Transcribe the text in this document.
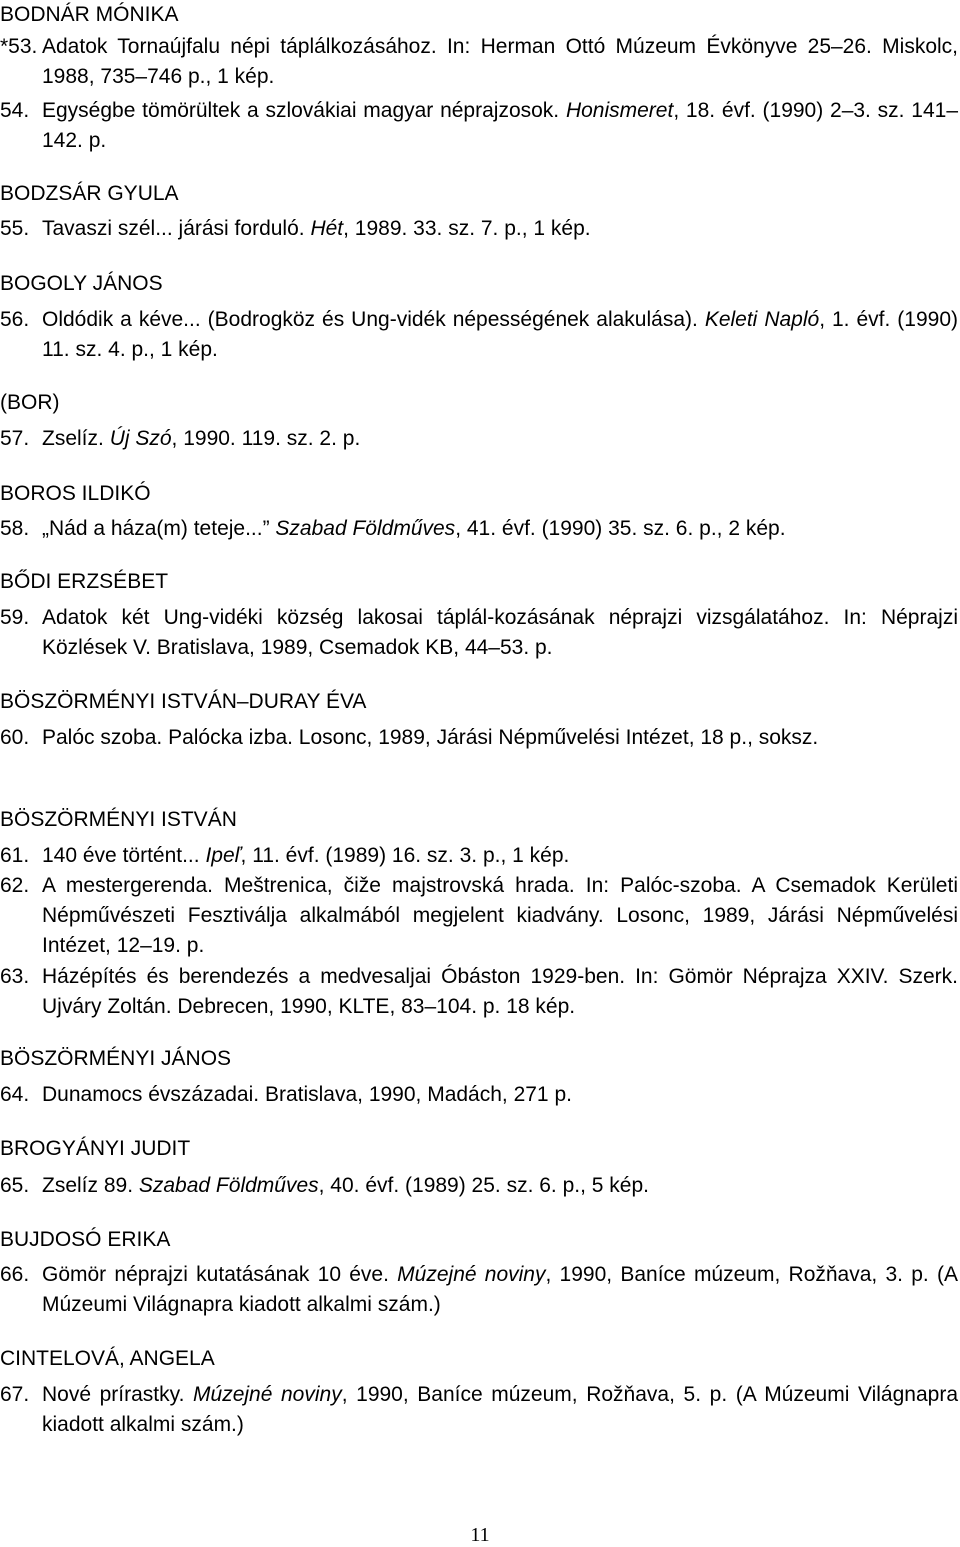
BODNÁR MÓNIKA
*53. Adatok Tornaújfalu népi táplálkozásához. In: Herman Ottó Múzeum Évkönyve 25–26. Miskolc, 1988, 735–746 p., 1 kép.
54. Egységbe tömörültek a szlovákiai magyar néprajzosok. Honismeret, 18. évf. (1990) 2–3. sz. 141–142. p.
BODZSÁR GYULA
55. Tavaszi szél... járási forduló. Hét, 1989. 33. sz. 7. p., 1 kép.
BOGOLY JÁNOS
56. Oldódik a kéve... (Bodrogköz és Ung-vidék népességének alakulása). Keleti Napló, 1. évf. (1990) 11. sz. 4. p., 1 kép.
(BOR)
57. Zselíz. Új Szó, 1990. 119. sz. 2. p.
BOROS ILDIKÓ
58. „Nád a háza(m) teteje...” Szabad Földműves, 41. évf. (1990) 35. sz. 6. p., 2 kép.
BŐDI ERZSÉBET
59. Adatok két Ung-vidéki község lakosai táplál-kozásának néprajzi vizsgálatához. In: Néprajzi Közlések V. Bratislava, 1989, Csemadok KB, 44–53. p.
BÖSZÖRMÉNYI ISTVÁN–DURAY ÉVA
60. Palóc szoba. Palócka izba. Losonc, 1989, Járási Népművelési Intézet, 18 p., soksz.
BÖSZÖRMÉNYI ISTVÁN
61. 140 éve történt... Ipeľ, 11. évf. (1989) 16. sz. 3. p., 1 kép.
62. A mestergerenda. Meštrenica, čiže majstrovská hrada. In: Palóc-szoba. A Csemadok Kerületi Népművészeti Fesztiválja alkalmából megjelent kiadvány. Losonc, 1989, Járási Népművelési Intézet, 12–19. p.
63. Házépítés és berendezés a medvesaljai Óbáston 1929-ben. In: Gömör Néprajza XXIV. Szerk. Ujváry Zoltán. Debrecen, 1990, KLTE, 83–104. p. 18 kép.
BÖSZÖRMÉNYI JÁNOS
64. Dunamocs évszázadai. Bratislava, 1990, Madách, 271 p.
BROGYÁNYI JUDIT
65. Zselíz 89. Szabad Földműves, 40. évf. (1989) 25. sz. 6. p., 5 kép.
BUJDOSÓ ERIKA
66. Gömör néprajzi kutatásának 10 éve. Múzejné noviny, 1990, Baníce múzeum, Rožňava, 3. p. (A Múzeumi Világnapra kiadott alkalmi szám.)
CINTELOVÁ, ANGELA
67. Nové prírastky. Múzejné noviny, 1990, Baníce múzeum, Rožňava, 5. p. (A Múzeumi Világnapra kiadott alkalmi szám.)
11
